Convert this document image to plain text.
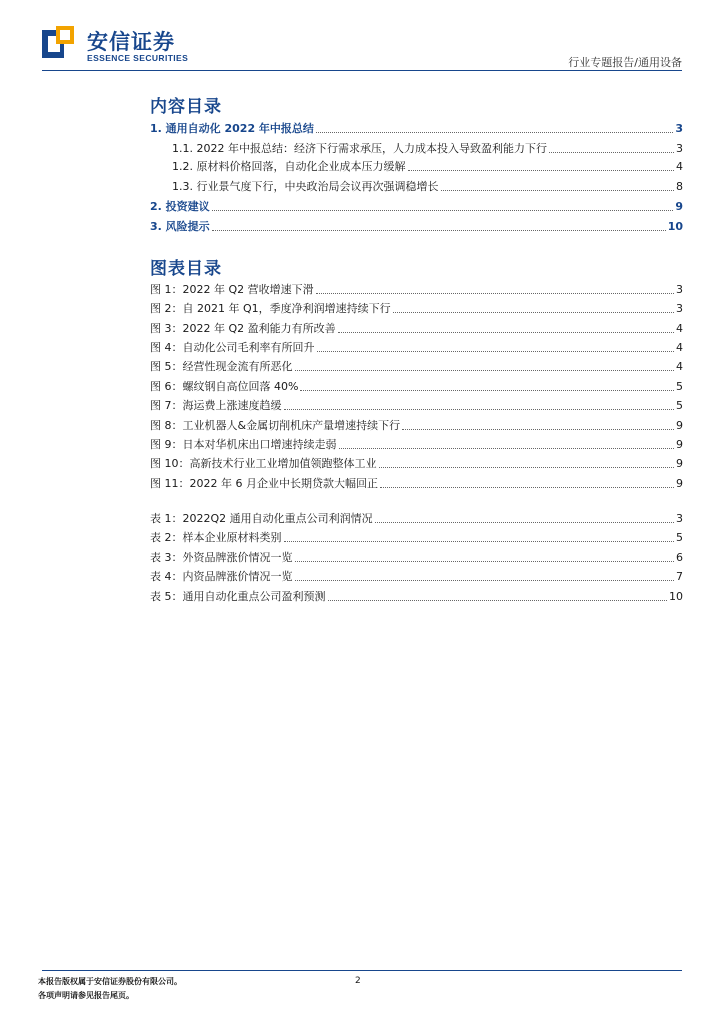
安信证券
ESSENCE SECURITIES	行业专题报告/通用设备
内容目录
1. 通用自动化 2022 年中报总结	3
1.1. 2022 年中报总结：经济下行需求承压，人力成本投入导致盈利能力下行	3
1.2. 原材料价格回落，自动化企业成本压力缓解	4
1.3. 行业景气度下行，中央政治局会议再次强调稳增长	8
2. 投资建议	9
3. 风险提示	10
图表目录
图 1：2022 年 Q2 营收增速下滑	3
图 2：自 2021 年 Q1，季度净利润增速持续下行	3
图 3：2022 年 Q2 盈利能力有所改善	4
图 4：自动化公司毛利率有所回升	4
图 5：经营性现金流有所恶化	4
图 6：螺纹钢自高位回落 40%	5
图 7：海运费上涨速度趋缓	5
图 8：工业机器人&金属切削机床产量增速持续下行	9
图 9：日本对华机床出口增速持续走弱	9
图 10：高新技术行业工业增加值领跑整体工业	9
图 11：2022 年 6 月企业中长期贷款大幅回正	9
表 1：2022Q2 通用自动化重点公司利润情况	3
表 2：样本企业原材料类别	5
表 3：外资品牌涨价情况一览	6
表 4：内资品牌涨价情况一览	7
表 5：通用自动化重点公司盈利预测	10
本报告版权属于安信证券股份有限公司。
各项声明请参见报告尾页。
2
